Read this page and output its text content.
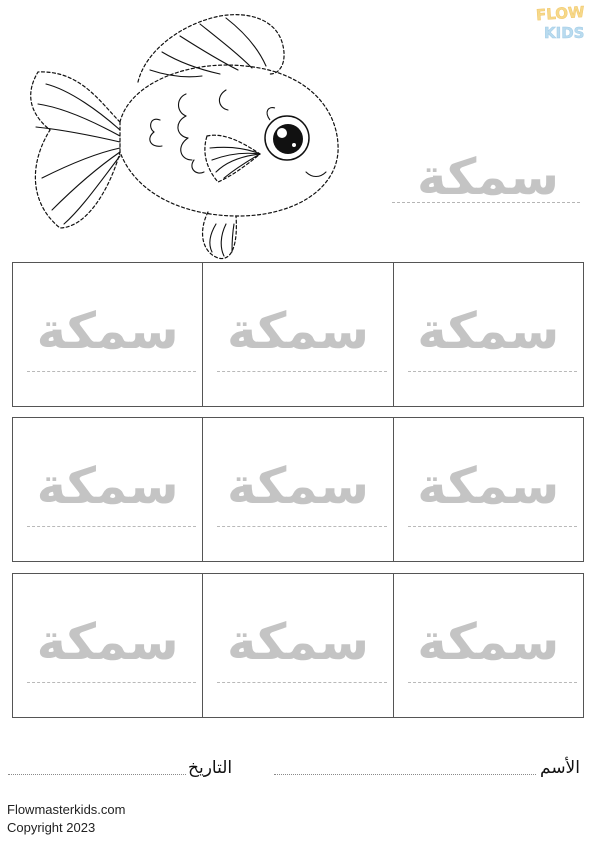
FLOW
KIDS
سمكة
سمكة سمكة سمكة
سمكة سمكة سمكة
سمكة سمكة سمكة
الأسم
التاريخ
Flowmasterkids.com
Copyright 2023
